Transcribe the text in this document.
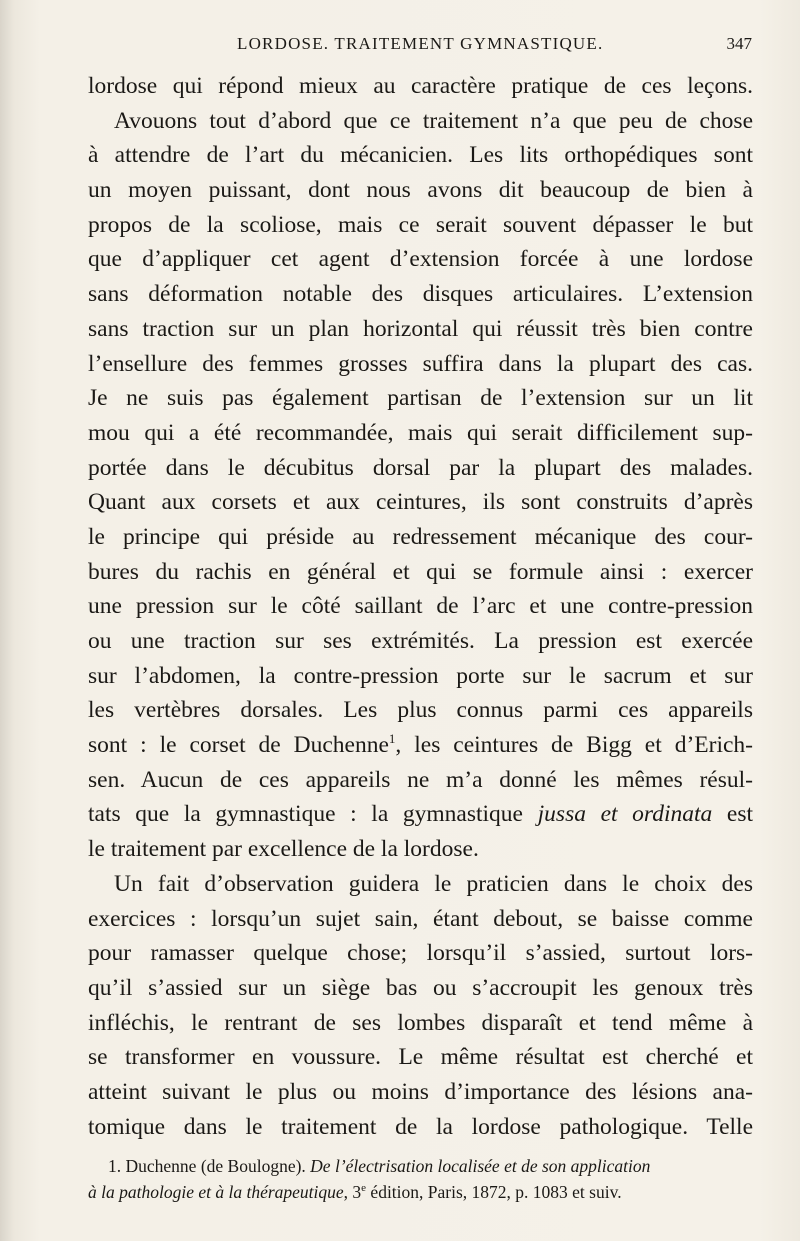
LORDOSE. TRAITEMENT GYMNASTIQUE.	347
lordose qui répond mieux au caractère pratique de ces leçons.
Avouons tout d’abord que ce traitement n’a que peu de chose
à attendre de l’art du mécanicien. Les lits orthopédiques sont
un moyen puissant, dont nous avons dit beaucoup de bien à
propos de la scoliose, mais ce serait souvent dépasser le but
que d’appliquer cet agent d’extension forcée à une lordose
sans déformation notable des disques articulaires. L’extension
sans traction sur un plan horizontal qui réussit très bien contre
l’ensellure des femmes grosses suffira dans la plupart des cas.
Je ne suis pas également partisan de l’extension sur un lit
mou qui a été recommandée, mais qui serait difficilement sup-
portée dans le décubitus dorsal par la plupart des malades.
Quant aux corsets et aux ceintures, ils sont construits d’après
le principe qui préside au redressement mécanique des cour-
bures du rachis en général et qui se formule ainsi : exercer
une pression sur le côté saillant de l’arc et une contre-pression
ou une traction sur ses extrémités. La pression est exercée
sur l’abdomen, la contre-pression porte sur le sacrum et sur
les vertèbres dorsales. Les plus connus parmi ces appareils
sont : le corset de Duchenne$^1$, les ceintures de Bigg et d’Erich-
sen. Aucun de ces appareils ne m’a donné les mêmes résul-
tats que la gymnastique : la gymnastique jussa et ordinata est
le traitement par excellence de la lordose.
Un fait d’observation guidera le praticien dans le choix des
exercices : lorsqu’un sujet sain, étant debout, se baisse comme
pour ramasser quelque chose; lorsqu’il s’assied, surtout lors-
qu’il s’assied sur un siège bas ou s’accroupit les genoux très
infléchis, le rentrant de ses lombes disparaît et tend même à
se transformer en voussure. Le même résultat est cherché et
atteint suivant le plus ou moins d’importance des lésions ana-
tomique dans le traitement de la lordose pathologique. Telle
1. Duchenne (de Boulogne). De l’électrisation localisée et de son application
à la pathologie et à la thérapeutique, 3e édition, Paris, 1872, p. 1083 et suiv.
